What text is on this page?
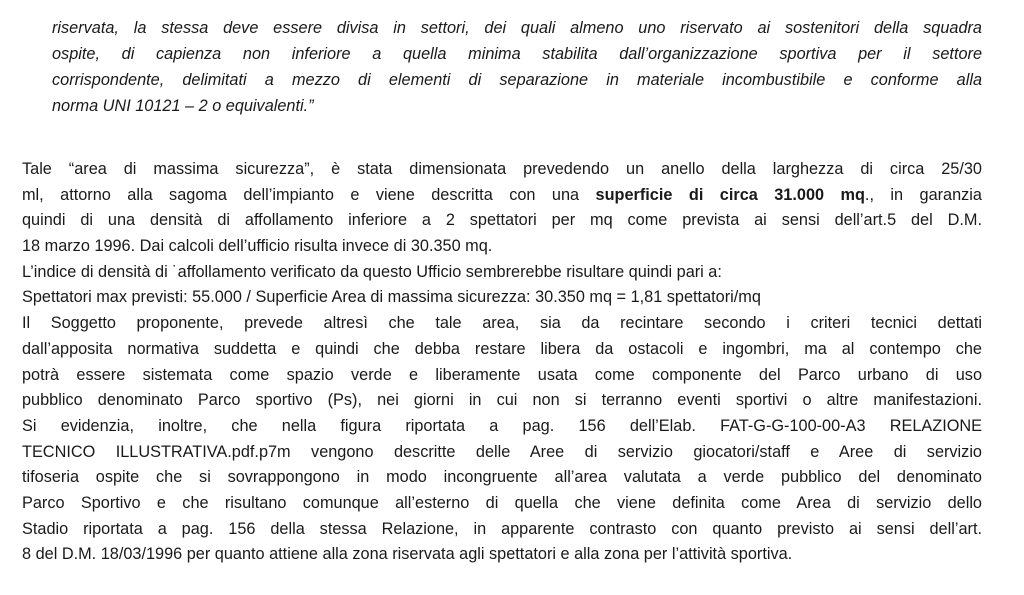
riservata, la stessa deve essere divisa in settori, dei quali almeno uno riservato ai sostenitori della squadra
ospite, di capienza non inferiore a quella minima stabilita dall’organizzazione sportiva per il settore
corrispondente, delimitati a mezzo di elementi di separazione in materiale incombustibile e conforme alla
norma UNI 10121 – 2 o equivalenti.”
Tale “area di massima sicurezza”, è stata dimensionata prevedendo un anello della larghezza di circa 25/30
ml, attorno alla sagoma dell’impianto e viene descritta con una superficie di circa 31.000 mq., in garanzia
quindi di una densità di affollamento inferiore a 2 spettatori per mq come prevista ai sensi dell’art.5 del D.M.
18 marzo 1996. Dai calcoli dell’ufficio risulta invece di 30.350 mq.
L’indice di densità di ˙affollamento verificato da questo Ufficio sembrerebbe risultare quindi pari a:
Spettatori max previsti: 55.000 / Superficie Area di massima sicurezza: 30.350 mq = 1,81 spettatori/mq
Il Soggetto proponente, prevede altresì che tale area, sia da recintare secondo i criteri tecnici dettati
dall’apposita normativa suddetta e quindi che debba restare libera da ostacoli e ingombri, ma al contempo che
potrà essere sistemata come spazio verde e liberamente usata come componente del Parco urbano di uso
pubblico denominato Parco sportivo (Ps), nei giorni in cui non si terranno eventi sportivi o altre manifestazioni.
Si evidenzia, inoltre, che nella figura riportata a pag. 156 dell’Elab. FAT-G-G-100-00-A3 RELAZIONE
TECNICO ILLUSTRATIVA.pdf.p7m vengono descritte delle Aree di servizio giocatori/staff e Aree di servizio
tifoseria ospite che si sovrappongono in modo incongruente all’area valutata a verde pubblico del denominato
Parco Sportivo e che risultano comunque all’esterno di quella che viene definita come Area di servizio dello
Stadio riportata a pag. 156 della stessa Relazione, in apparente contrasto con quanto previsto ai sensi dell’art.
8 del D.M. 18/03/1996 per quanto attiene alla zona riservata agli spettatori e alla zona per l’attività sportiva.
